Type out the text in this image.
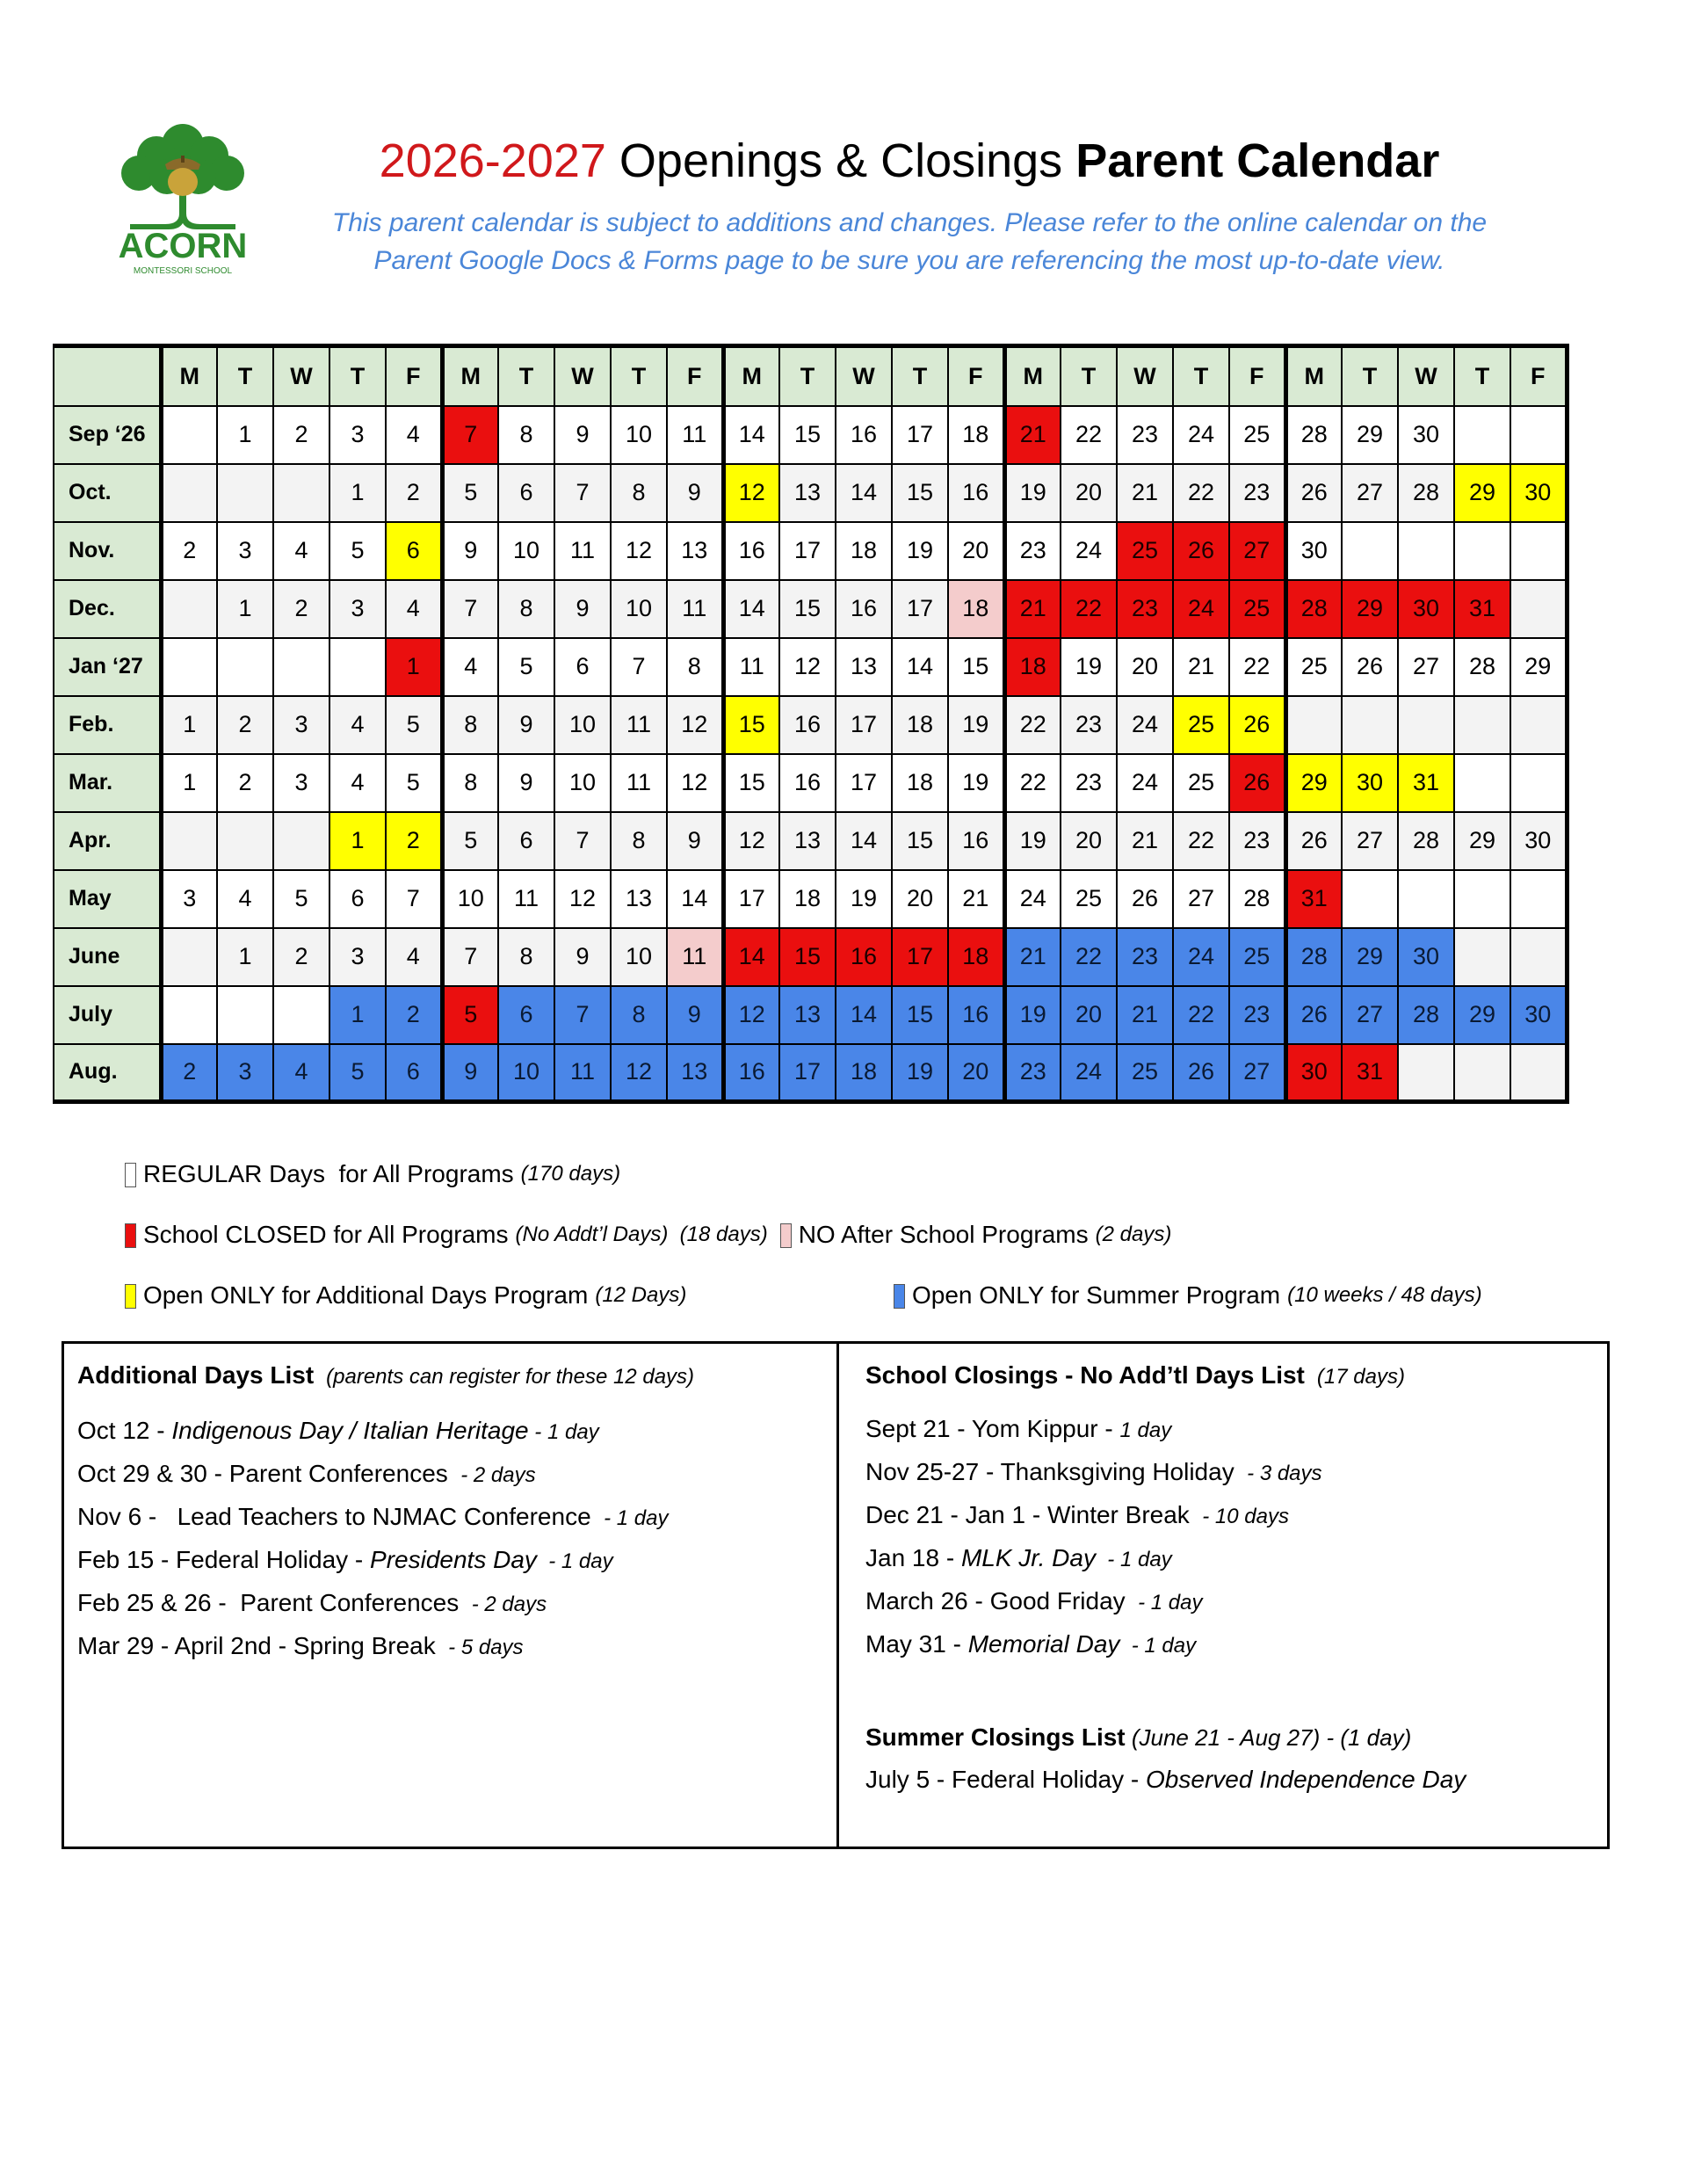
ACORN
MONTESSORI SCHOOL
2026-2027 Openings & Closings Parent Calendar
This parent calendar is subject to additions and changes. Please refer to the online calendar on the
Parent Google Docs & Forms page to be sure you are referencing the most up-to-date view.
	M	T	W	T	F	M	T	W	T	F	M	T	W	T	F	M	T	W	T	F	M	T	W	T	F
Sep ‘26		1	2	3	4	7	8	9	10	11	14	15	16	17	18	21	22	23	24	25	28	29	30		
Oct.				1	2	5	6	7	8	9	12	13	14	15	16	19	20	21	22	23	26	27	28	29	30
Nov.	2	3	4	5	6	9	10	11	12	13	16	17	18	19	20	23	24	25	26	27	30				
Dec.		1	2	3	4	7	8	9	10	11	14	15	16	17	18	21	22	23	24	25	28	29	30	31	
Jan ‘27					1	4	5	6	7	8	11	12	13	14	15	18	19	20	21	22	25	26	27	28	29
Feb.	1	2	3	4	5	8	9	10	11	12	15	16	17	18	19	22	23	24	25	26					
Mar.	1	2	3	4	5	8	9	10	11	12	15	16	17	18	19	22	23	24	25	26	29	30	31		
Apr.				1	2	5	6	7	8	9	12	13	14	15	16	19	20	21	22	23	26	27	28	29	30
May	3	4	5	6	7	10	11	12	13	14	17	18	19	20	21	24	25	26	27	28	31				
June		1	2	3	4	7	8	9	10	11	14	15	16	17	18	21	22	23	24	25	28	29	30		
July				1	2	5	6	7	8	9	12	13	14	15	16	19	20	21	22	23	26	27	28	29	30
Aug.	2	3	4	5	6	9	10	11	12	13	16	17	18	19	20	23	24	25	26	27	30	31			
REGULAR Days  for All Programs (170 days)
School CLOSED for All Programs (No Addt’l Days)  (18 days) NO After School Programs (2 days)
Open ONLY for Additional Days Program (12 Days)	Open ONLY for Summer Program (10 weeks / 48 days)
Additional Days List (parents can register for these 12 days)
Oct 12 - Indigenous Day / Italian Heritage - 1 day
Oct 29 & 30 - Parent Conferences  - 2 days
Nov 6 -   Lead Teachers to NJMAC Conference  - 1 day
Feb 15 - Federal Holiday - Presidents Day  - 1 day
Feb 25 & 26 -  Parent Conferences  - 2 days
Mar 29 - April 2nd - Spring Break  - 5 days
School Closings - No Add’tl Days List (17 days)
Sept 21 - Yom Kippur - 1 day
Nov 25-27 - Thanksgiving Holiday  - 3 days
Dec 21 - Jan 1 - Winter Break  - 10 days
Jan 18 - MLK Jr. Day  - 1 day
March 26 - Good Friday  - 1 day
May 31 - Memorial Day  - 1 day
Summer Closings List (June 21 - Aug 27) - (1 day)
July 5 - Federal Holiday - Observed Independence Day
